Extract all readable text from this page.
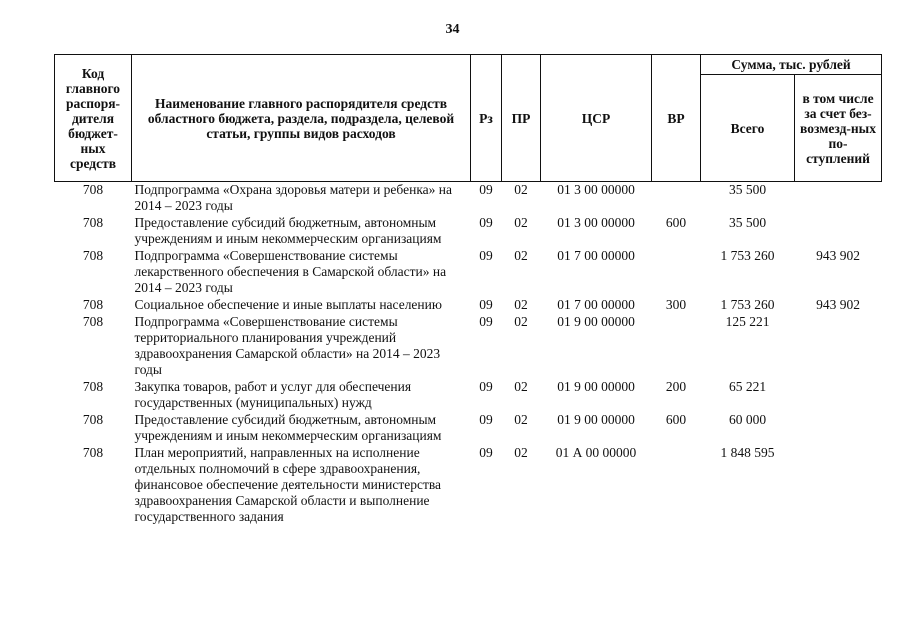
34
Код главного распоря-дителя бюджет-ных средств	Наименование главного распорядителя средств областного бюджета, раздела, подраздела, целевой статьи, группы видов расходов	Рз	ПР	ЦСР	ВР	Сумма, тыс. рублей	
						Всего	в том числе за счет без-возмезд-ных по-ступлений
708	Подпрограмма «Охрана здоровья матери и ребенка» на 2014 – 2023 годы	09	02	01 3 00 00000		35 500	
708	Предоставление субсидий бюджетным, автономным учреждениям и иным некоммерческим организациям	09	02	01 3 00 00000	600	35 500	
708	Подпрограмма «Совершенствование системы лекарственного обеспечения в Самарской области» на 2014 – 2023 годы	09	02	01 7 00 00000		1 753 260	943 902
708	Социальное обеспечение и иные выплаты населению	09	02	01 7 00 00000	300	1 753 260	943 902
708	Подпрограмма «Совершенствование системы территориального планирования учреждений здравоохранения Самарской области» на 2014 – 2023 годы	09	02	01 9 00 00000		125 221	
708	Закупка товаров, работ и услуг для обеспечения государственных (муниципальных) нужд	09	02	01 9 00 00000	200	65 221	
708	Предоставление субсидий бюджетным, автономным учреждениям и иным некоммерческим организациям	09	02	01 9 00 00000	600	60 000	
708	План мероприятий, направленных на исполнение отдельных полномочий в сфере здравоохранения, финансовое обеспечение деятельности министерства здравоохранения Самарской области и выполнение государственного задания	09	02	01 А 00 00000		1 848 595	
